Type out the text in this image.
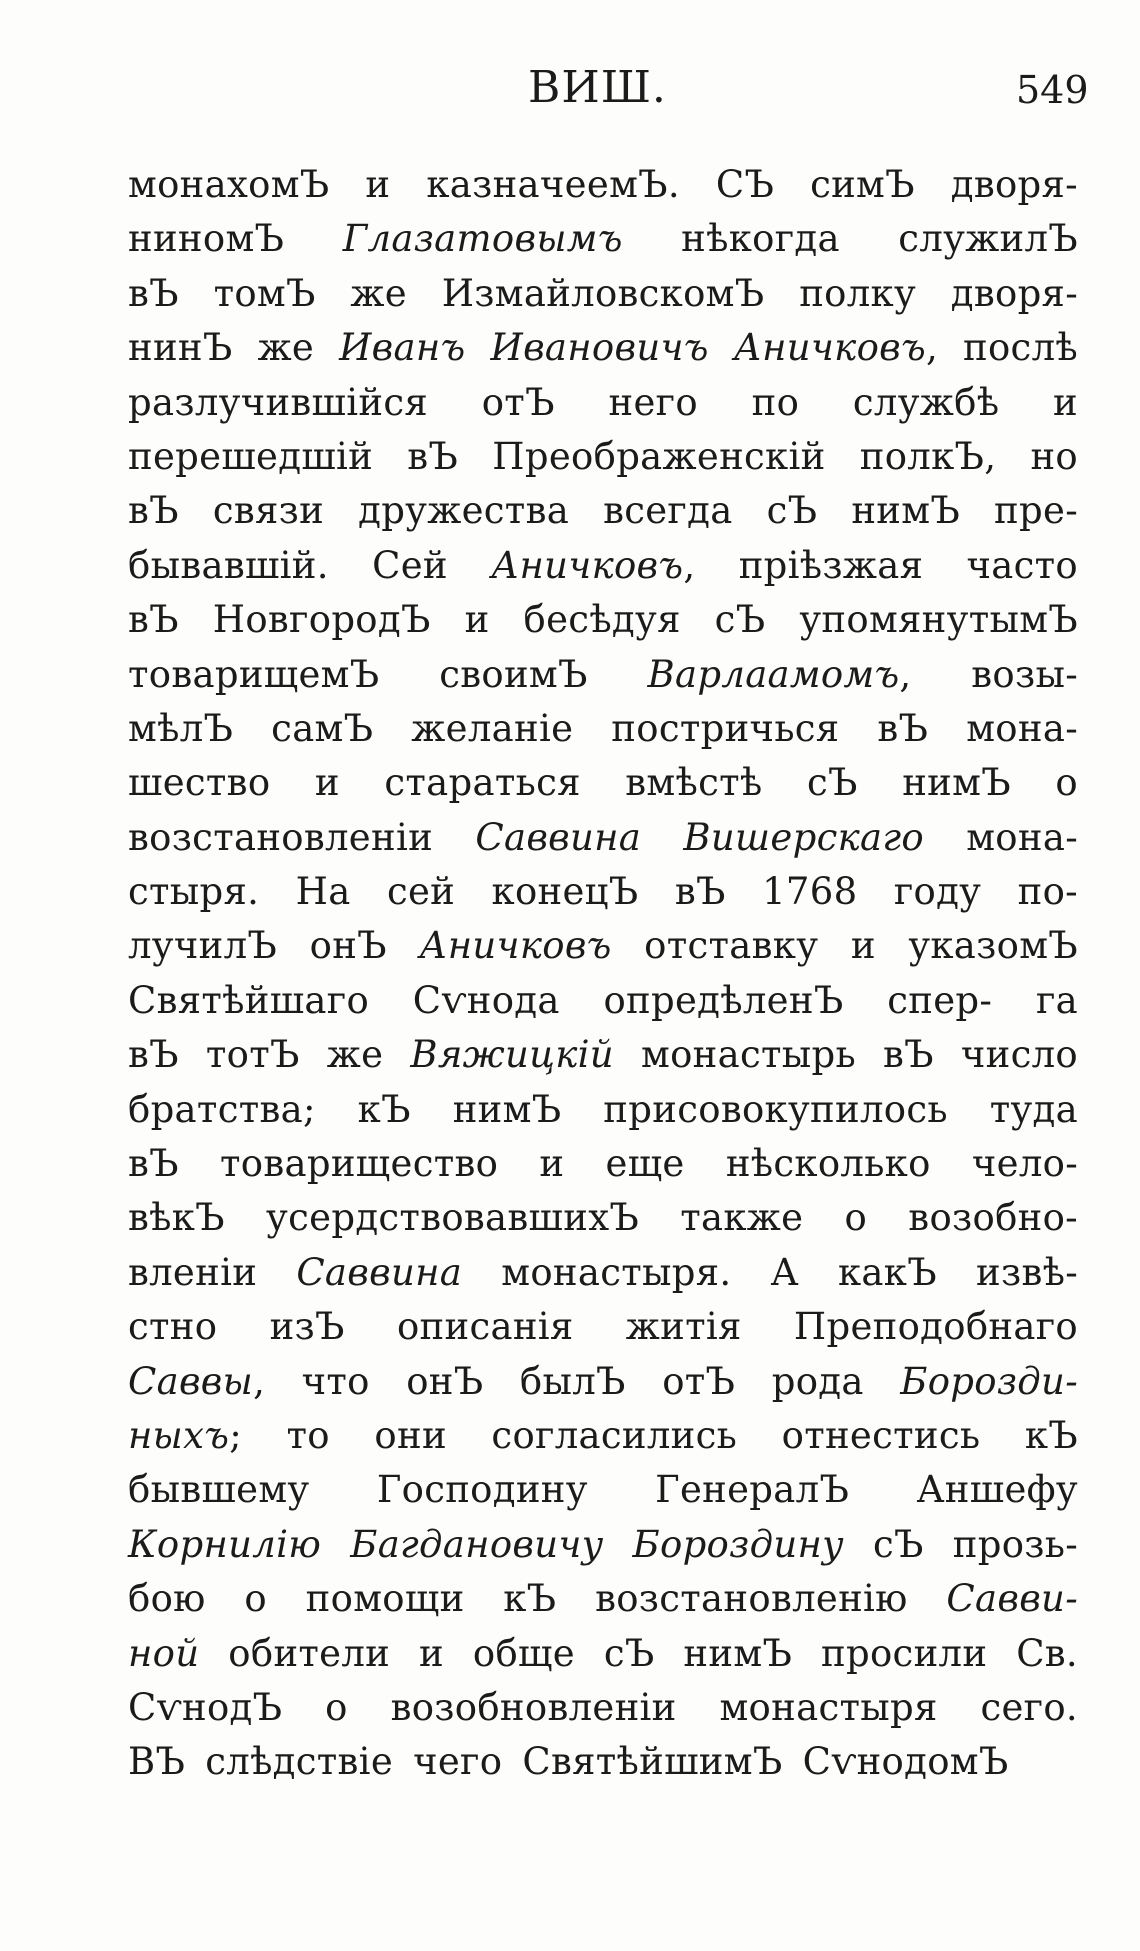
ВИШ.	549
монахомЪ и казначеемЪ. СЪ симЪ дворя-
ниномЪ Глазатовымъ нѣкогда служилЪ
вЪ томЪ же ИзмайловскомЪ полку дворя-
нинЪ же Иванъ Ивановичъ Аничковъ, послѣ
разлучившійся отЪ него по службѣ и
перешедшій вЪ Преображенскій полкЪ, но
вЪ связи дружества всегда сЪ нимЪ пре-
бывавшій. Сей Аничковъ, пріѣзжая часто
вЪ НовгородЪ и бесѣдуя сЪ упомянутымЪ
товарищемЪ своимЪ Варлаамомъ, возы-
мѣлЪ самЪ желаніе постричься вЪ мона-
шество и стараться вмѣстѣ сЪ нимЪ о
возстановленіи Саввина Вишерскаго мона-
стыря. На сей конецЪ вЪ 1768 году по-
лучилЪ онЪ Аничковъ отставку и указомЪ
Святѣйшаго Сѵнода опредѣленЪ спер- га
вЪ тотЪ же Вяжицкій монастырь вЪ число
братства; кЪ нимЪ присовокупилось туда
вЪ товарищество и еще нѣсколько чело-
вѣкЪ усердствовавшихЪ также о возобно-
вленіи Саввина монастыря. А какЪ извѣ-
стно изЪ описанія житія Преподобнаго
Саввы, что онЪ былЪ отЪ рода Борозди-
ныхъ; то они согласились отнестись кЪ
бывшему Господину ГенералЪ Аншефу
Корнилію Багдановичу Бороздину сЪ прозь-
бою о помощи кЪ возстановленію Савви-
ной обители и обще сЪ нимЪ просили Св.
СѵнодЪ о возобновленіи монастыря сего.
ВЪ слѣдствіе чего СвятѣйшимЪ СѵнодомЪ
